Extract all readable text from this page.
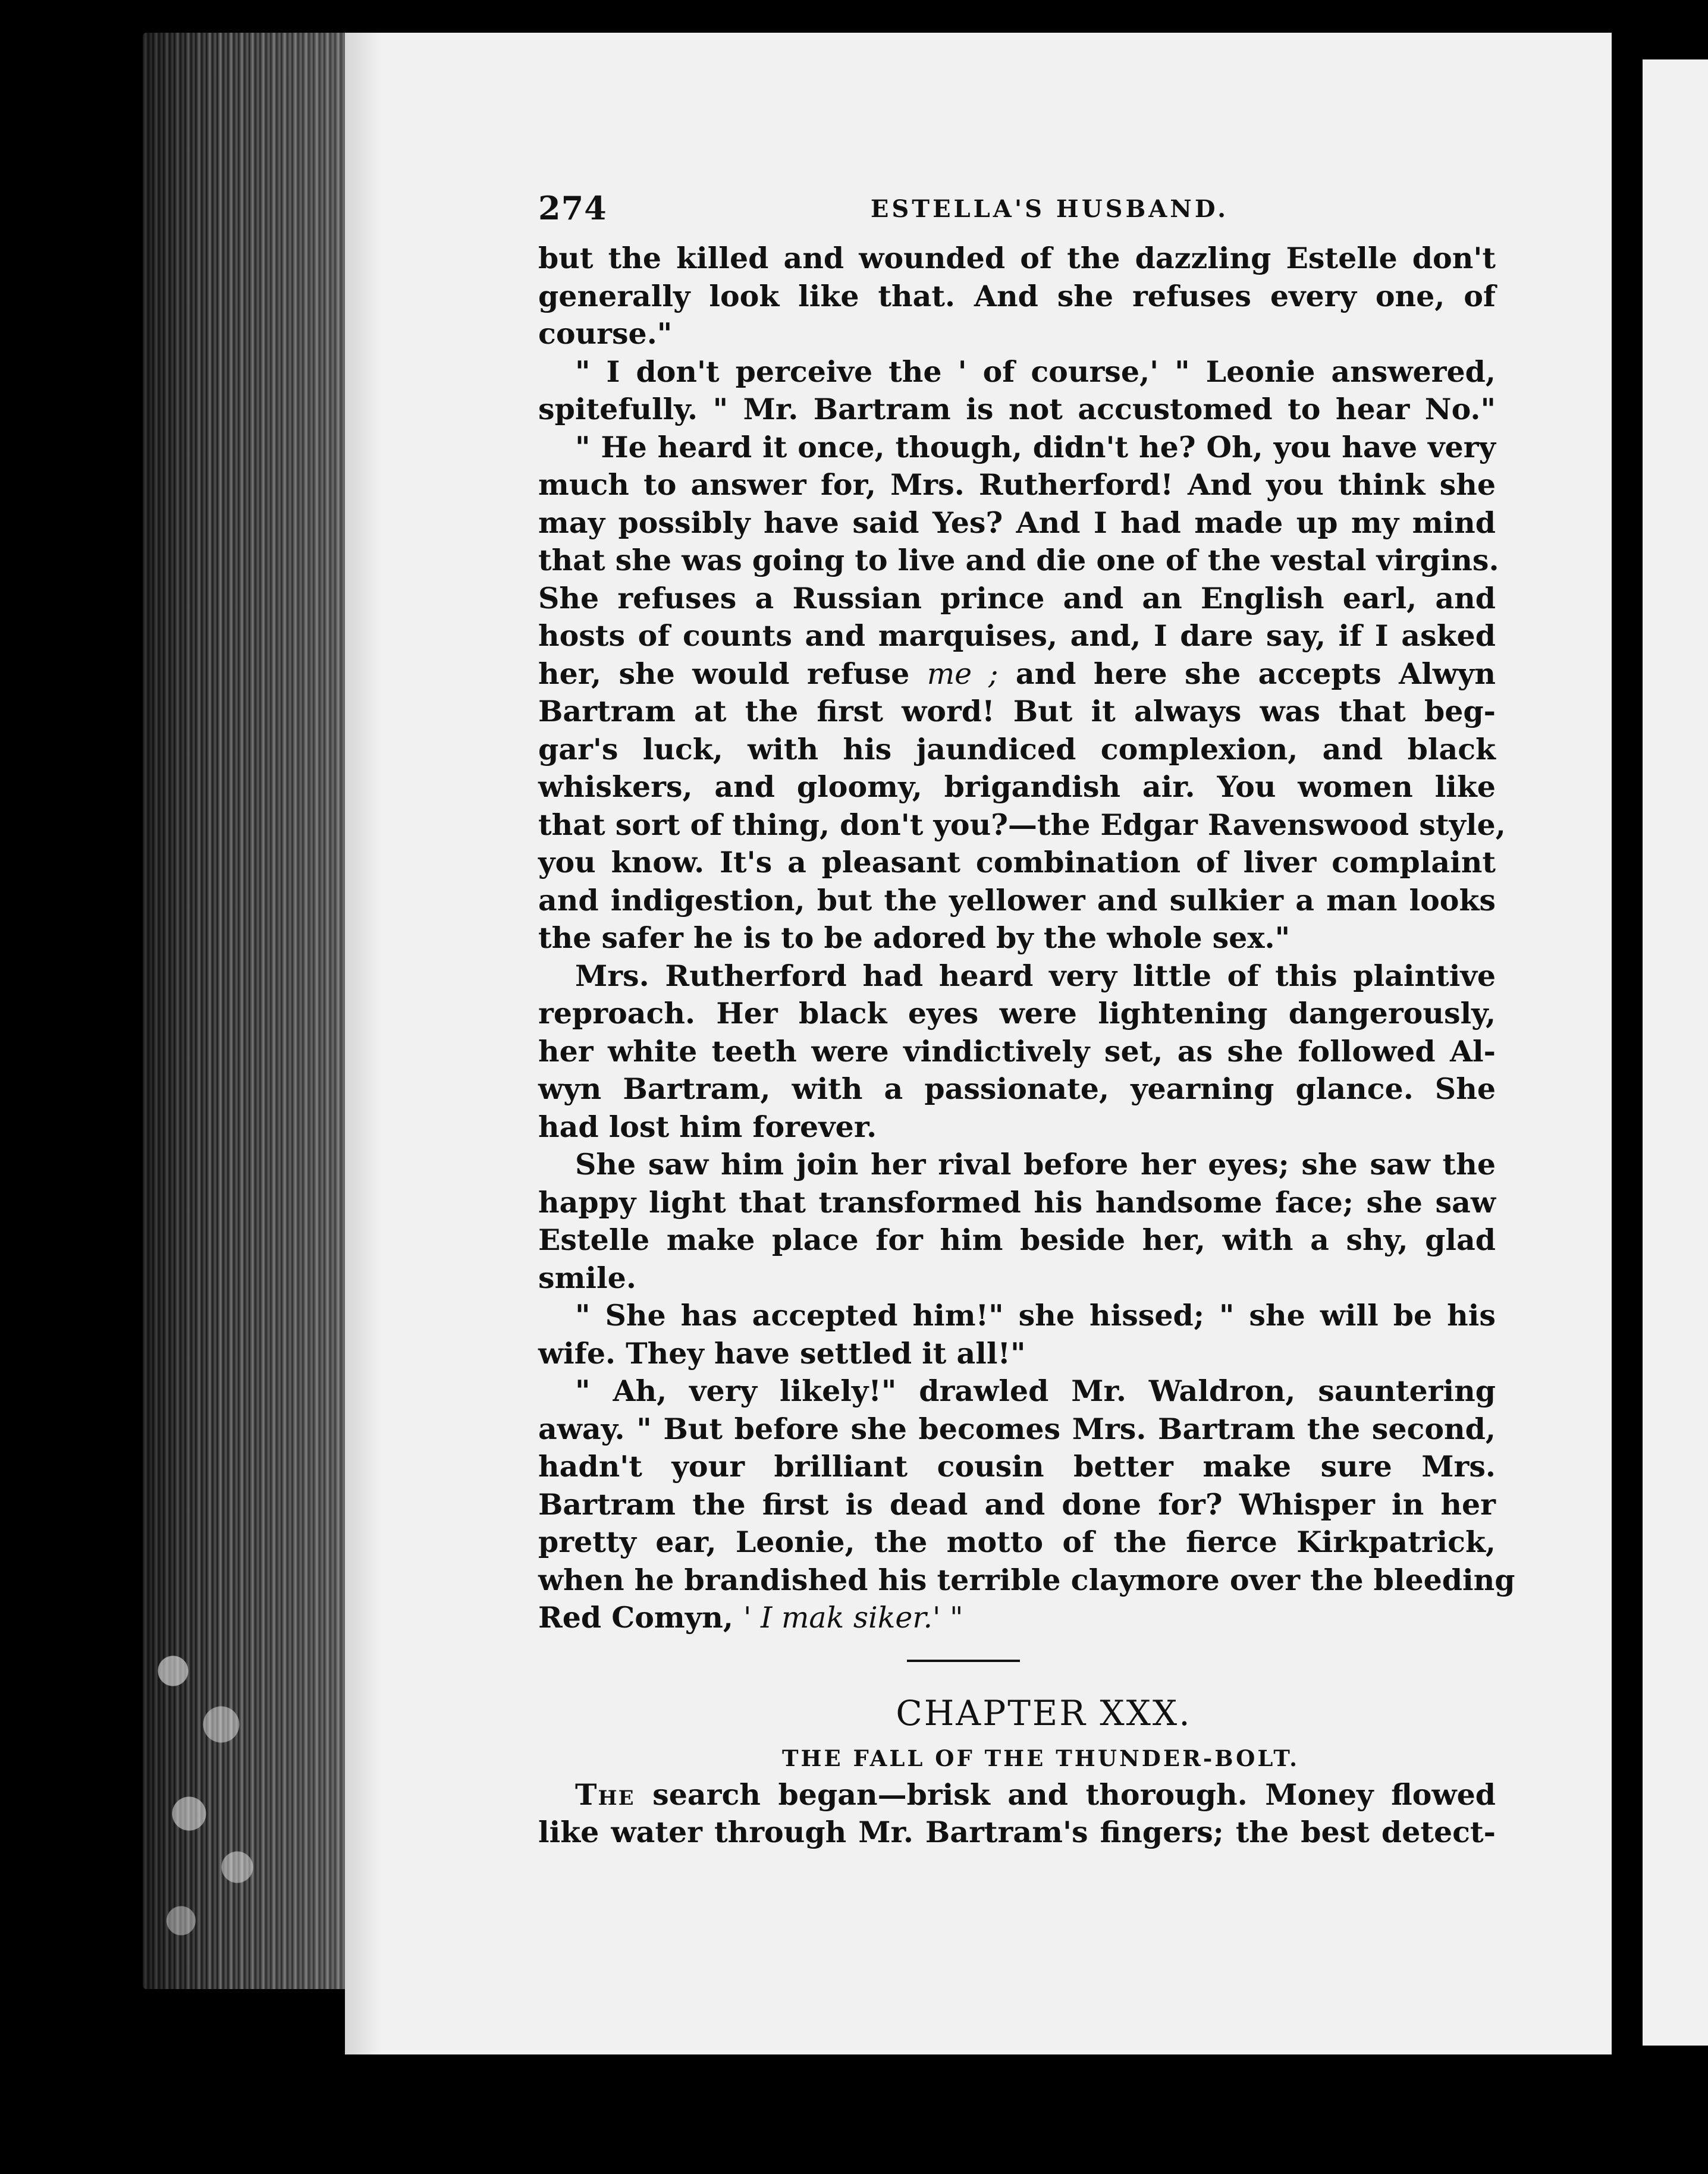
274	ESTELLA'S HUSBAND.
but the killed and wounded of the dazzling Estelle don't
generally look like that. And she refuses every one, of
course."
" I don't perceive the ' of course,' " Leonie answered,
spitefully. " Mr. Bartram is not accustomed to hear No."
" He heard it once, though, didn't he? Oh, you have very
much to answer for, Mrs. Rutherford! And you think she
may possibly have said Yes? And I had made up my mind
that she was going to live and die one of the vestal virgins.
She refuses a Russian prince and an English earl, and
hosts of counts and marquises, and, I dare say, if I asked
her, she would refuse me ; and here she accepts Alwyn
Bartram at the first word! But it always was that beg-
gar's luck, with his jaundiced complexion, and black
whiskers, and gloomy, brigandish air. You women like
that sort of thing, don't you?—the Edgar Ravenswood style,
you know. It's a pleasant combination of liver complaint
and indigestion, but the yellower and sulkier a man looks
the safer he is to be adored by the whole sex."
Mrs. Rutherford had heard very little of this plaintive
reproach. Her black eyes were lightening dangerously,
her white teeth were vindictively set, as she followed Al-
wyn Bartram, with a passionate, yearning glance. She
had lost him forever.
She saw him join her rival before her eyes; she saw the
happy light that transformed his handsome face; she saw
Estelle make place for him beside her, with a shy, glad
smile.
" She has accepted him!" she hissed; " she will be his
wife. They have settled it all!"
" Ah, very likely!" drawled Mr. Waldron, sauntering
away. " But before she becomes Mrs. Bartram the second,
hadn't your brilliant cousin better make sure Mrs.
Bartram the first is dead and done for? Whisper in her
pretty ear, Leonie, the motto of the fierce Kirkpatrick,
when he brandished his terrible claymore over the bleeding
Red Comyn, ' I mak siker.' "
CHAPTER XXX.
THE FALL OF THE THUNDER-BOLT.
The search began—brisk and thorough. Money flowed
like water through Mr. Bartram's fingers; the best detect-
